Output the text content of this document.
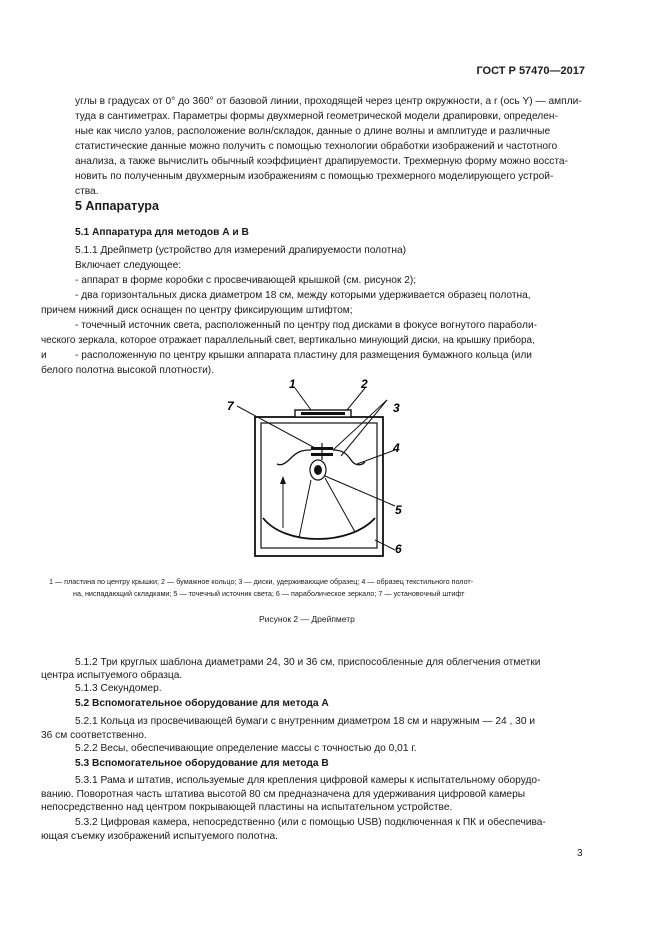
ГОСТ Р 57470—2017
углы в градусах от 0° до 360° от базовой линии, проходящей через центр окружности, а r (ось Y) — ампли-
туда в сантиметрах. Параметры формы двухмерной геометрической модели драпировки, определен-
ные как число узлов, расположение волн/складок, данные о длине волны и амплитуде и различные
статистические данные можно получить с помощью технологии обработки изображений и частотного
анализа, а также вычислить обычный коэффициент драпируемости. Трехмерную форму можно восста-
новить по полученным двухмерным изображениям с помощью трехмерного моделирующего устрой-
ства.
5 Аппаратура
5.1 Аппаратура для методов А и В
5.1.1 Дрейпметр (устройство для измерений драпируемости полотна)
Включает следующее:
- аппарат в форме коробки с просвечивающей крышкой (см. рисунок 2);
- два горизонтальных диска диаметром 18 см, между которыми удерживается образец полотна,
причем нижний диск оснащен по центру фиксирующим штифтом;
- точечный источник света, расположенный по центру под дисками в фокусе вогнутого парабoли-
ческого зеркала, которое отражает параллельный свет, вертикально минующий диски, на крышку прибора,
и	- расположенную по центру крышки аппарата пластину для размещения бумажного кольца (или
белого полотна высокой плотности).
1	2
7	3
4
5
6
1 — пластина по центру крышки; 2 — бумажное кольцо; 3 — диски, удерживающие образец; 4 — образец текстильного полот-
на, ниспадающий складками; 5 — точечный источник света; 6 — параболическое зеркало; 7 — установочный штифт
Рисунок 2 — Дрейпметр
5.1.2 Три круглых шаблона диаметрами 24, 30 и 36 см, приспособленные для облегчения отметки
центра испытуемого образца.
5.1.3 Секундомер.
5.2 Вспомогательное оборудование для метода А
5.2.1 Кольца из просвечивающей бумаги с внутренним диаметром 18 см и наружным — 24 , 30 и
36 см соответственно.
5.2.2 Весы, обеспечивающие определение массы с точностью до 0,01 г.
5.3 Вспомогательное оборудование для метода В
5.3.1 Рама и штатив, используемые для крепления цифровой камеры к испытательному оборудо-
ванию. Поворотная часть штатива высотой 80 см предназначена для удерживания цифровой камеры
непосредственно над центром покрывающей пластины на испытательном устройстве.
5.3.2 Цифровая камера, непосредственно (или с помощью USB) подключенная к ПК и обеспечива-
ющая съемку изображений испытуемого полотна.
3
